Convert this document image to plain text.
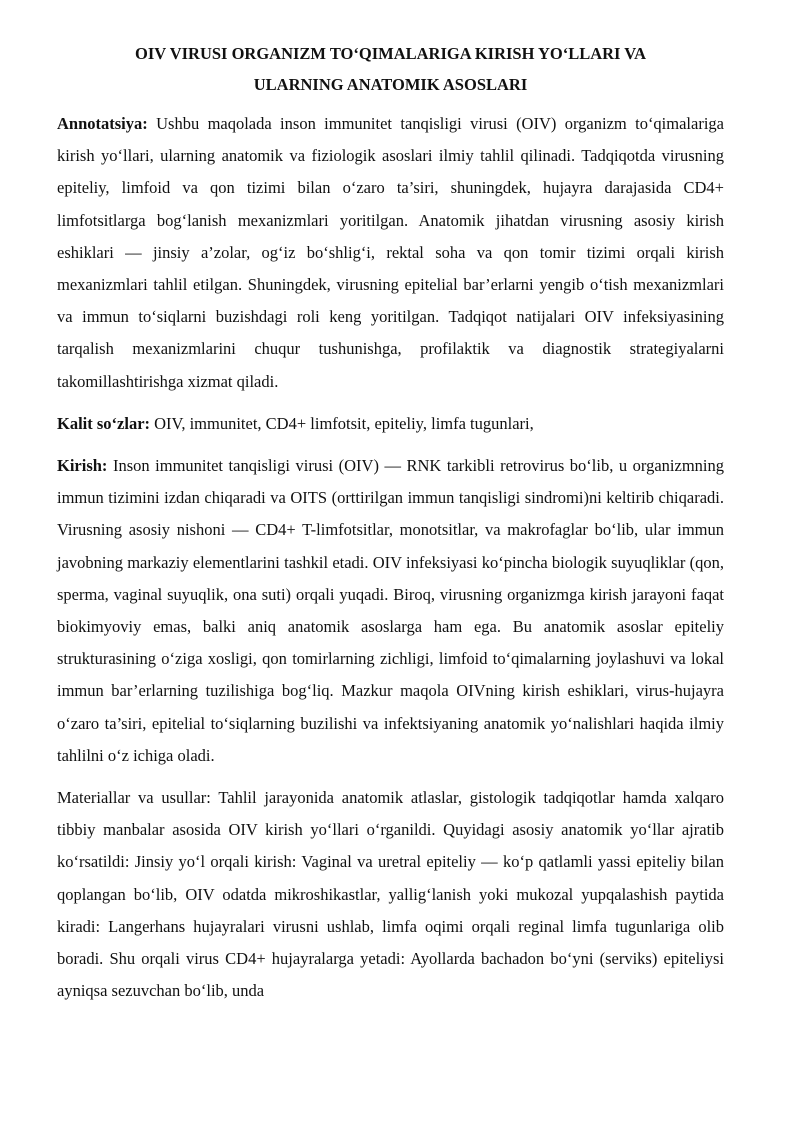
OIV VIRUSI ORGANIZM TO‘QIMALARIGA KIRISH YO‘LLARI VA
ULARNING ANATOMIK ASOSLARI

Annotatsiya: Ushbu maqolada inson immunitet tanqisligi virusi (OIV) organizm to‘qimalariga kirish yo‘llari, ularning anatomik va fiziologik asoslari ilmiy tahlil qilinadi. Tadqiqotda virusning epiteliy, limfoid va qon tizimi bilan o‘zaro ta’siri, shuningdek, hujayra darajasida CD4+ limfotsitlarga bog‘lanish mexanizmlari yoritilgan. Anatomik jihatdan virusning asosiy kirish eshiklari — jinsiy a’zolar, og‘iz bo‘shlig‘i, rektal soha va qon tomir tizimi orqali kirish mexanizmlari tahlil etilgan. Shuningdek, virusning epitelial bar’erlarni yengib o‘tish mexanizmlari va immun to‘siqlarni buzishdagi roli keng yoritilgan. Tadqiqot natijalari OIV infeksiyasining tarqalish mexanizmlarini chuqur tushunishga, profilaktik va diagnostik strategiyalarni takomillashtirishga xizmat qiladi.

Kalit so‘zlar: OIV, immunitet, CD4+ limfotsit, epiteliy, limfa tugunlari,

Kirish: Inson immunitet tanqisligi virusi (OIV) — RNK tarkibli retrovirus bo‘lib, u organizmning immun tizimini izdan chiqaradi va OITS (orttirilgan immun tanqisligi sindromi)ni keltirib chiqaradi. Virusning asosiy nishoni — CD4+ T-limfotsitlar, monotsitlar, va makrofaglar bo‘lib, ular immun javobning markaziy elementlarini tashkil etadi. OIV infeksiyasi ko‘pincha biologik suyuqliklar (qon, sperma, vaginal suyuqlik, ona suti) orqali yuqadi. Biroq, virusning organizmga kirish jarayoni faqat biokimyoviy emas, balki aniq anatomik asoslarga ham ega. Bu anatomik asoslar epiteliy strukturasining o‘ziga xosligi, qon tomirlarning zichligi, limfoid to‘qimalarning joylashuvi va lokal immun bar’erlarning tuzilishiga bog‘liq. Mazkur maqola OIVning kirish eshiklari, virus-hujayra o‘zaro ta’siri, epitelial to‘siqlarning buzilishi va infektsiyaning anatomik yo‘nalishlari haqida ilmiy tahlilni o‘z ichiga oladi.

Materiallar va usullar: Tahlil jarayonida anatomik atlaslar, gistologik tadqiqotlar hamda xalqaro tibbiy manbalar asosida OIV kirish yo‘llari o‘rganildi. Quyidagi asosiy anatomik yo‘llar ajratib ko‘rsatildi: Jinsiy yo‘l orqali kirish: Vaginal va uretral epiteliy — ko‘p qatlamli yassi epiteliy bilan qoplangan bo‘lib, OIV odatda mikroshikastlar, yallig‘lanish yoki mukozal yupqalashish paytida kiradi: Langerhans hujayralari virusni ushlab, limfa oqimi orqali reginal limfa tugunlariga olib boradi. Shu orqali virus CD4+ hujayralarga yetadi: Ayollarda bachadon bo‘yni (serviks) epiteliysi ayniqsa sezuvchan bo‘lib, unda
